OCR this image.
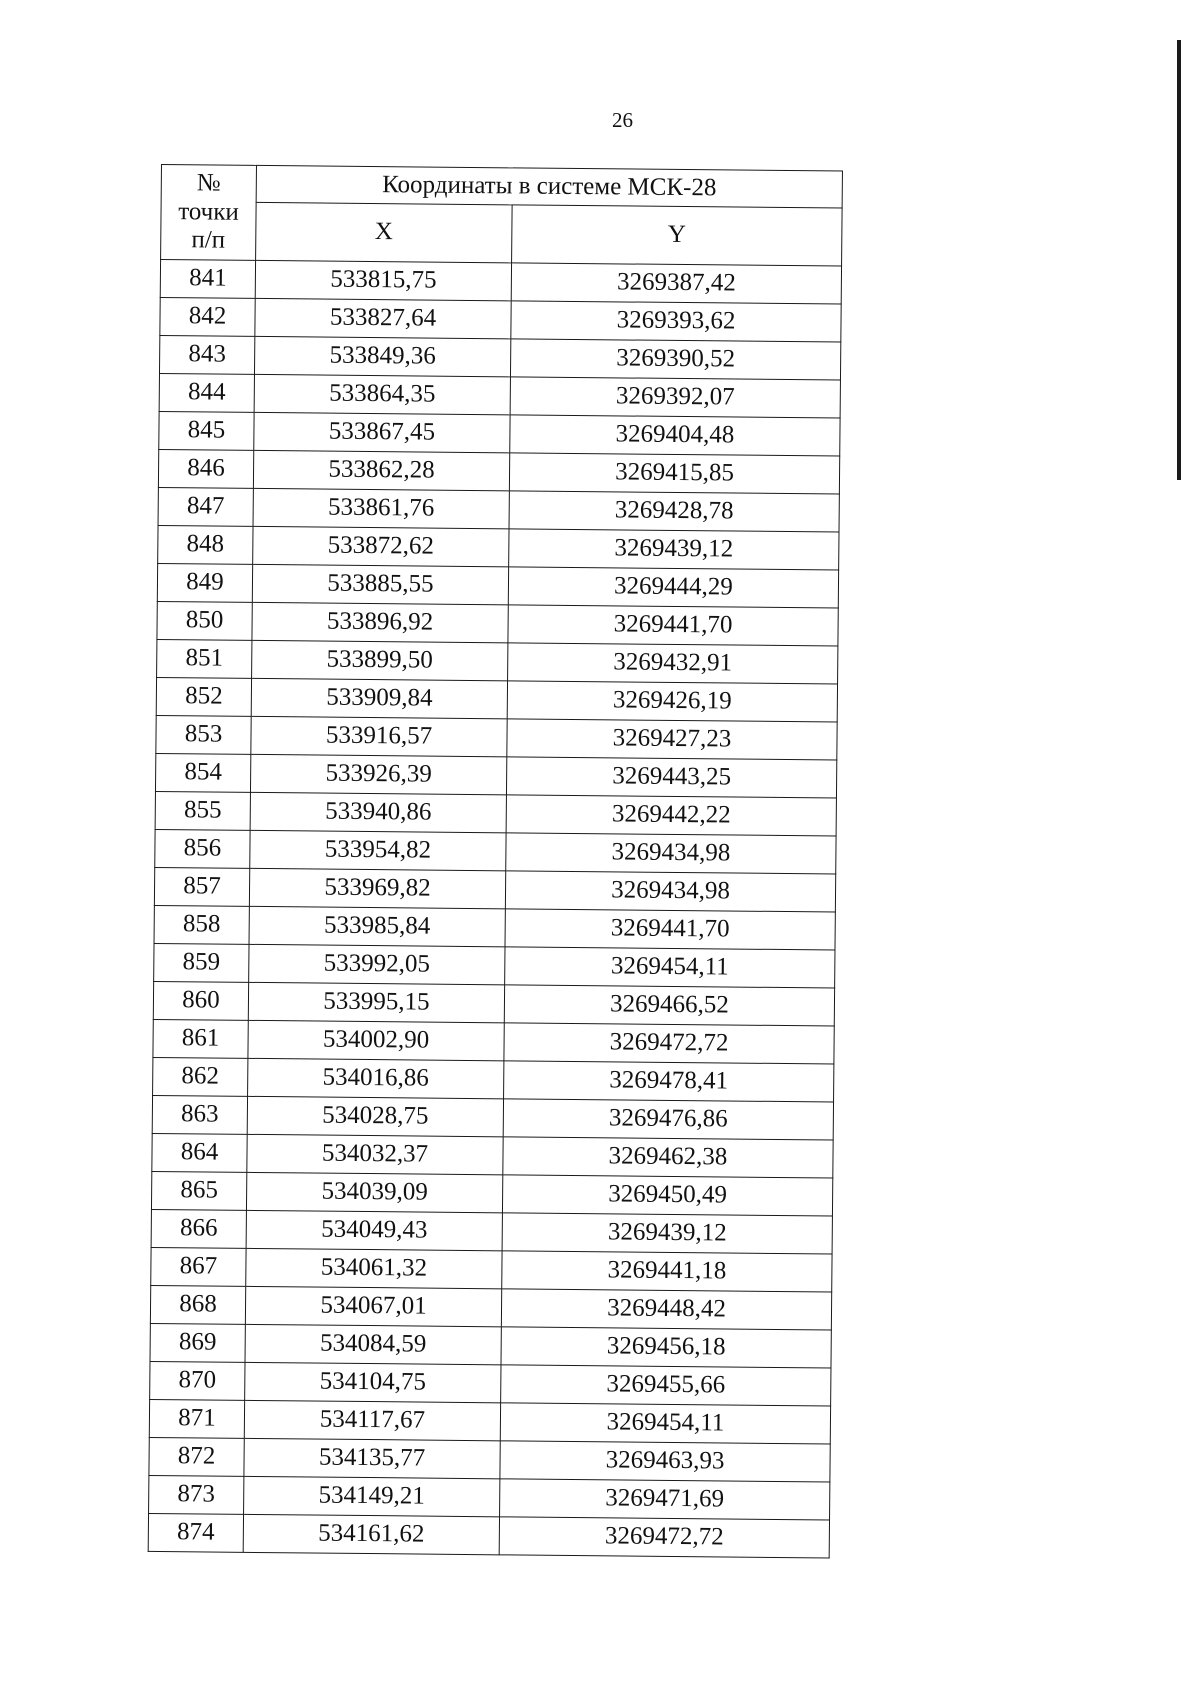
26
№
точки
п/п	Координаты в системе МСК-28	
	X	Y
841	533815,75	3269387,42
842	533827,64	3269393,62
843	533849,36	3269390,52
844	533864,35	3269392,07
845	533867,45	3269404,48
846	533862,28	3269415,85
847	533861,76	3269428,78
848	533872,62	3269439,12
849	533885,55	3269444,29
850	533896,92	3269441,70
851	533899,50	3269432,91
852	533909,84	3269426,19
853	533916,57	3269427,23
854	533926,39	3269443,25
855	533940,86	3269442,22
856	533954,82	3269434,98
857	533969,82	3269434,98
858	533985,84	3269441,70
859	533992,05	3269454,11
860	533995,15	3269466,52
861	534002,90	3269472,72
862	534016,86	3269478,41
863	534028,75	3269476,86
864	534032,37	3269462,38
865	534039,09	3269450,49
866	534049,43	3269439,12
867	534061,32	3269441,18
868	534067,01	3269448,42
869	534084,59	3269456,18
870	534104,75	3269455,66
871	534117,67	3269454,11
872	534135,77	3269463,93
873	534149,21	3269471,69
874	534161,62	3269472,72
